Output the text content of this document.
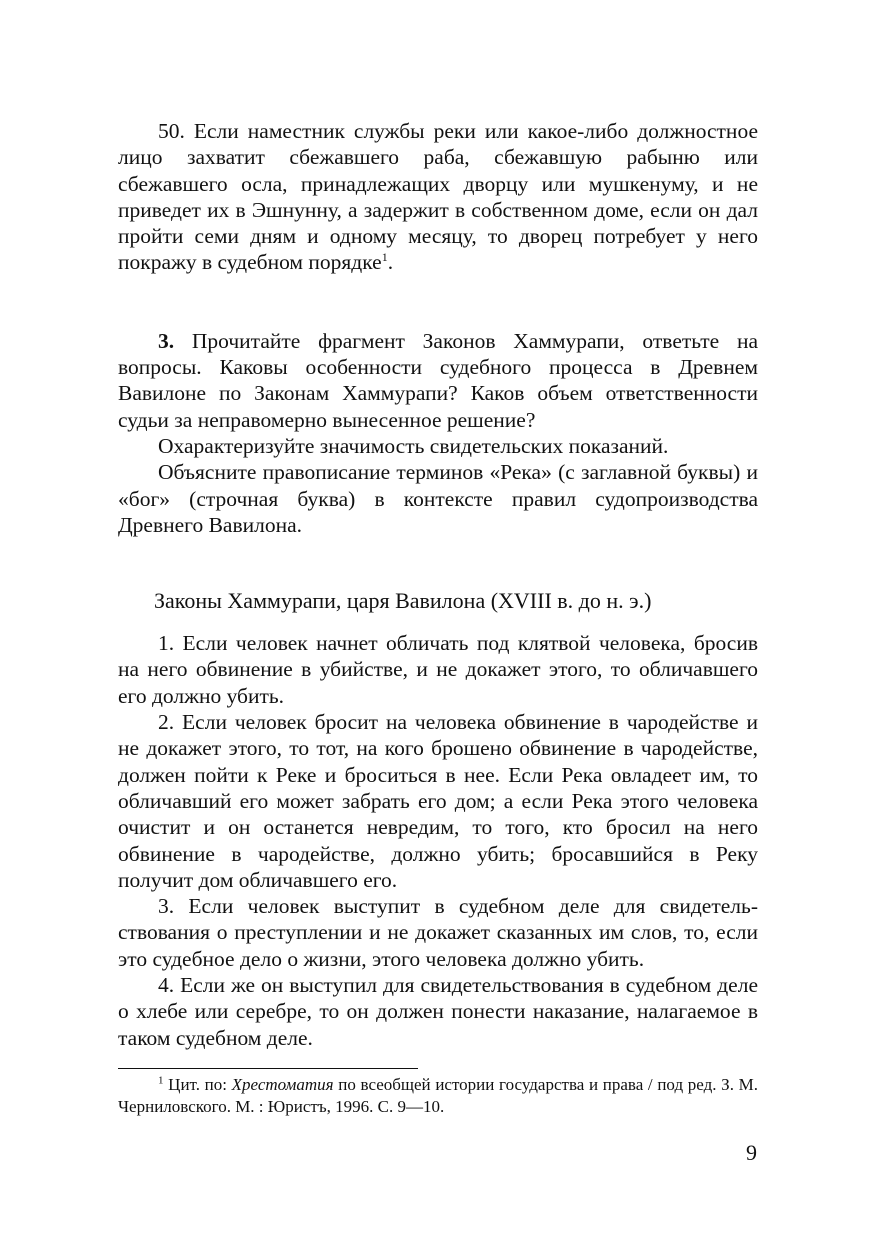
50. Если наместник службы реки или какое-либо должностное лицо захватит сбежавшего раба, сбежавшую рабыню или сбежавшего осла, принадлежащих дворцу или мушкенуму, и не приведет их в Эшнунну, а задержит в собственном доме, если он дал пройти семи дням и одному месяцу, то дворец потребует у него покражу в судебном порядке$^1$.

3. Прочитайте фрагмент Законов Хаммурапи, ответьте на вопросы. Каковы особенности судебного процесса в Древнем Вавилоне по Законам Хаммурапи? Каков объем ответственности судьи за неправомерно вынесенное решение?

Охарактеризуйте значимость свидетельских показаний.

Объясните правописание терминов «Река» (с заглавной буквы) и «бог» (строчная буква) в контексте правил судопроизводства Древнего Вавилона.

Законы Хаммурапи, царя Вавилона (XVIII в. до н. э.)

1. Если человек начнет обличать под клятвой человека, бросив на него обвинение в убийстве, и не докажет этого, то обличавшего его должно убить.

2. Если человек бросит на человека обвинение в чародействе и не докажет этого, то тот, на кого брошено обвинение в чародействе, должен пойти к Реке и броситься в нее. Если Река овладеет им, то обличавший его может забрать его дом; а если Река этого человека очистит и он останется невредим, то того, кто бросил на него обвинение в чародействе, должно убить; бросавшийся в Реку получит дом обличавшего его.

3. Если человек выступит в судебном деле для свидетельствования о преступлении и не докажет сказанных им слов, то, если это судебное дело о жизни, этого человека должно убить.

4. Если же он выступил для свидетельствования в судебном деле о хлебе или серебре, то он должен понести наказание, налагаемое в таком судебном деле.

$^1$ Цит. по: Хрестоматия по всеобщей истории государства и права / под ред. З. М. Черниловского. М. : Юристъ, 1996. С. 9—10.

9
